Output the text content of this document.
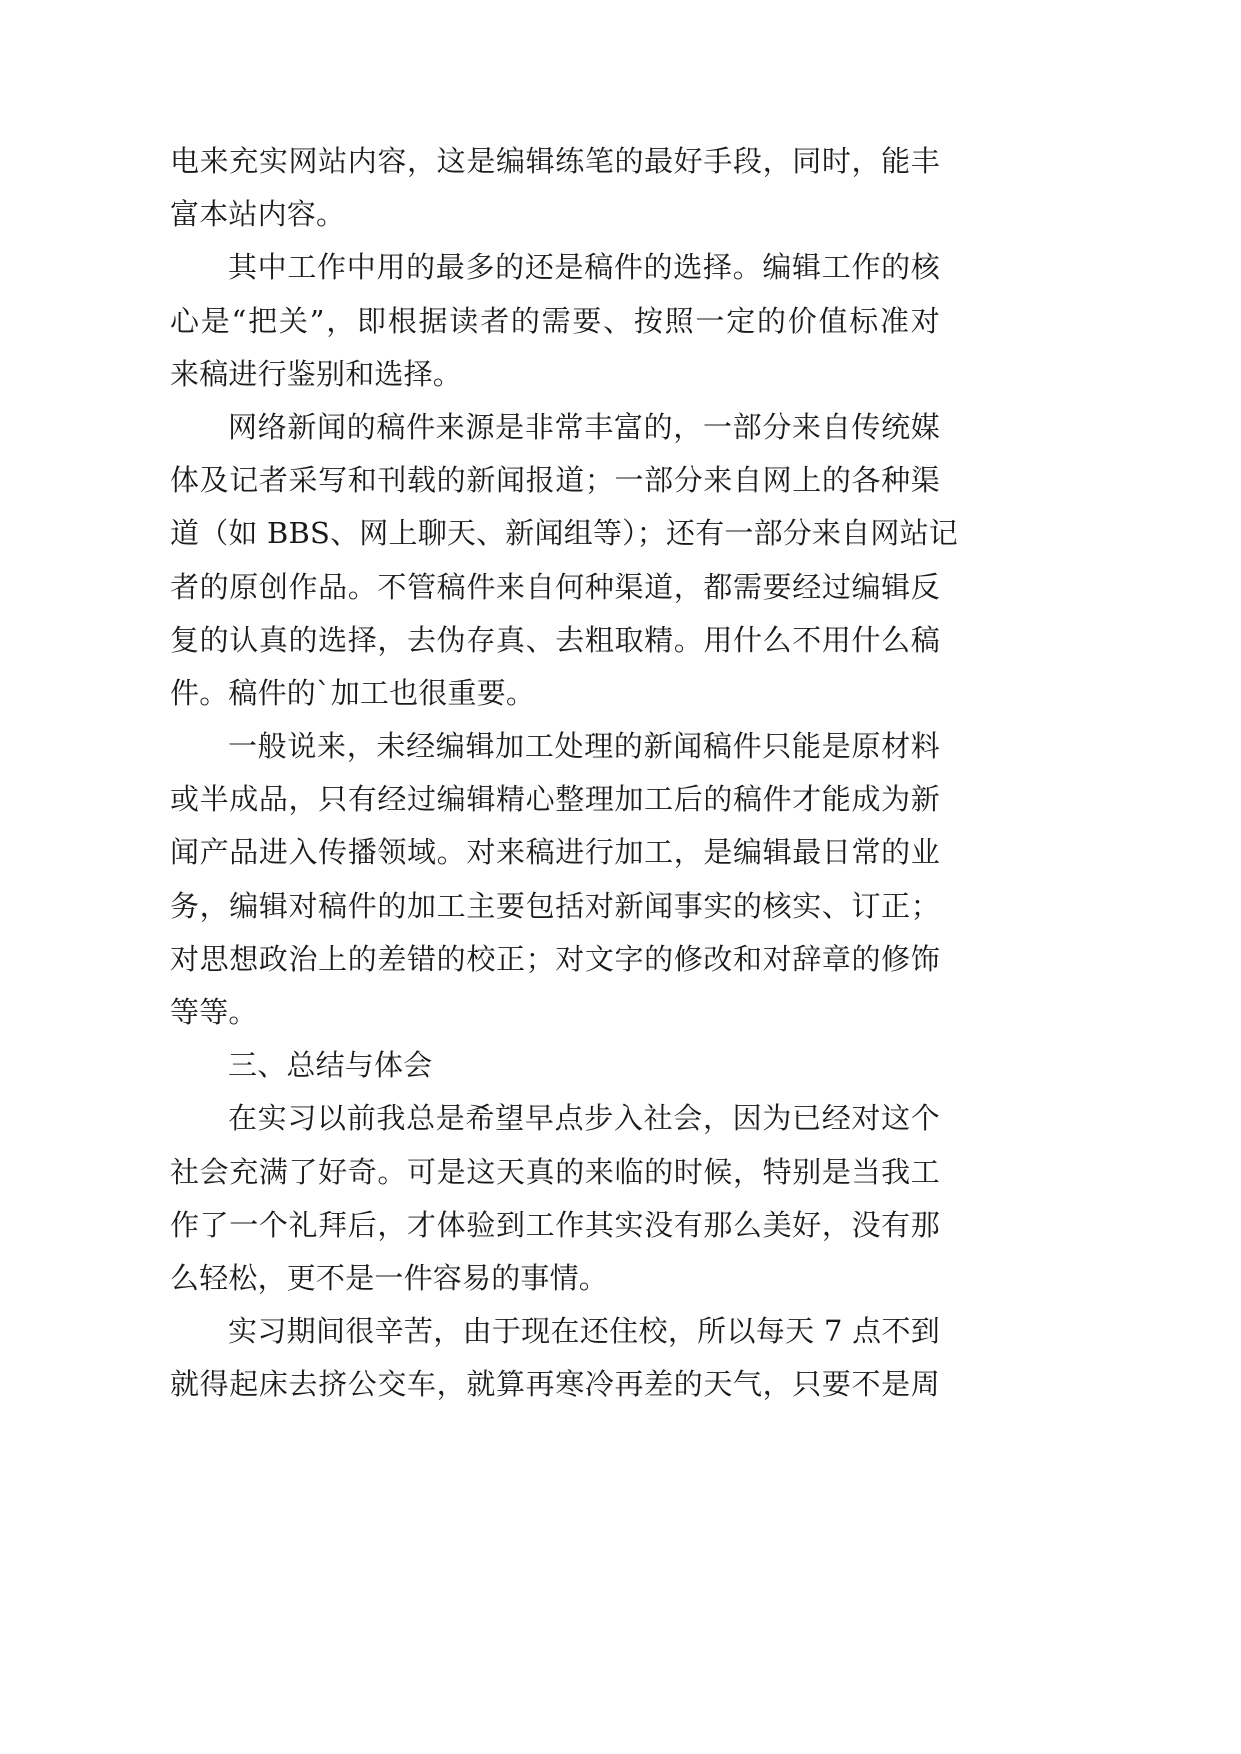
电来充实网站内容，这是编辑练笔的最好手段，同时，能丰
富本站内容。
其中工作中用的最多的还是稿件的选择。编辑工作的核
心是“把关”，即根据读者的需要、按照一定的价值标准对
来稿进行鉴别和选择。
网络新闻的稿件来源是非常丰富的，一部分来自传统媒
体及记者采写和刊载的新闻报道；一部分来自网上的各种渠
道（如 BBS、网上聊天、新闻组等）；还有一部分来自网站记
者的原创作品。不管稿件来自何种渠道，都需要经过编辑反
复的认真的选择，去伪存真、去粗取精。用什么不用什么稿
件。稿件的`加工也很重要。
一般说来，未经编辑加工处理的新闻稿件只能是原材料
或半成品，只有经过编辑精心整理加工后的稿件才能成为新
闻产品进入传播领域。对来稿进行加工，是编辑最日常的业
务，编辑对稿件的加工主要包括对新闻事实的核实、订正；
对思想政治上的差错的校正；对文字的修改和对辞章的修饰
等等。
三、总结与体会
在实习以前我总是希望早点步入社会，因为已经对这个
社会充满了好奇。可是这天真的来临的时候，特别是当我工
作了一个礼拜后，才体验到工作其实没有那么美好，没有那
么轻松，更不是一件容易的事情。
实习期间很辛苦，由于现在还住校，所以每天 7 点不到
就得起床去挤公交车，就算再寒冷再差的天气，只要不是周
